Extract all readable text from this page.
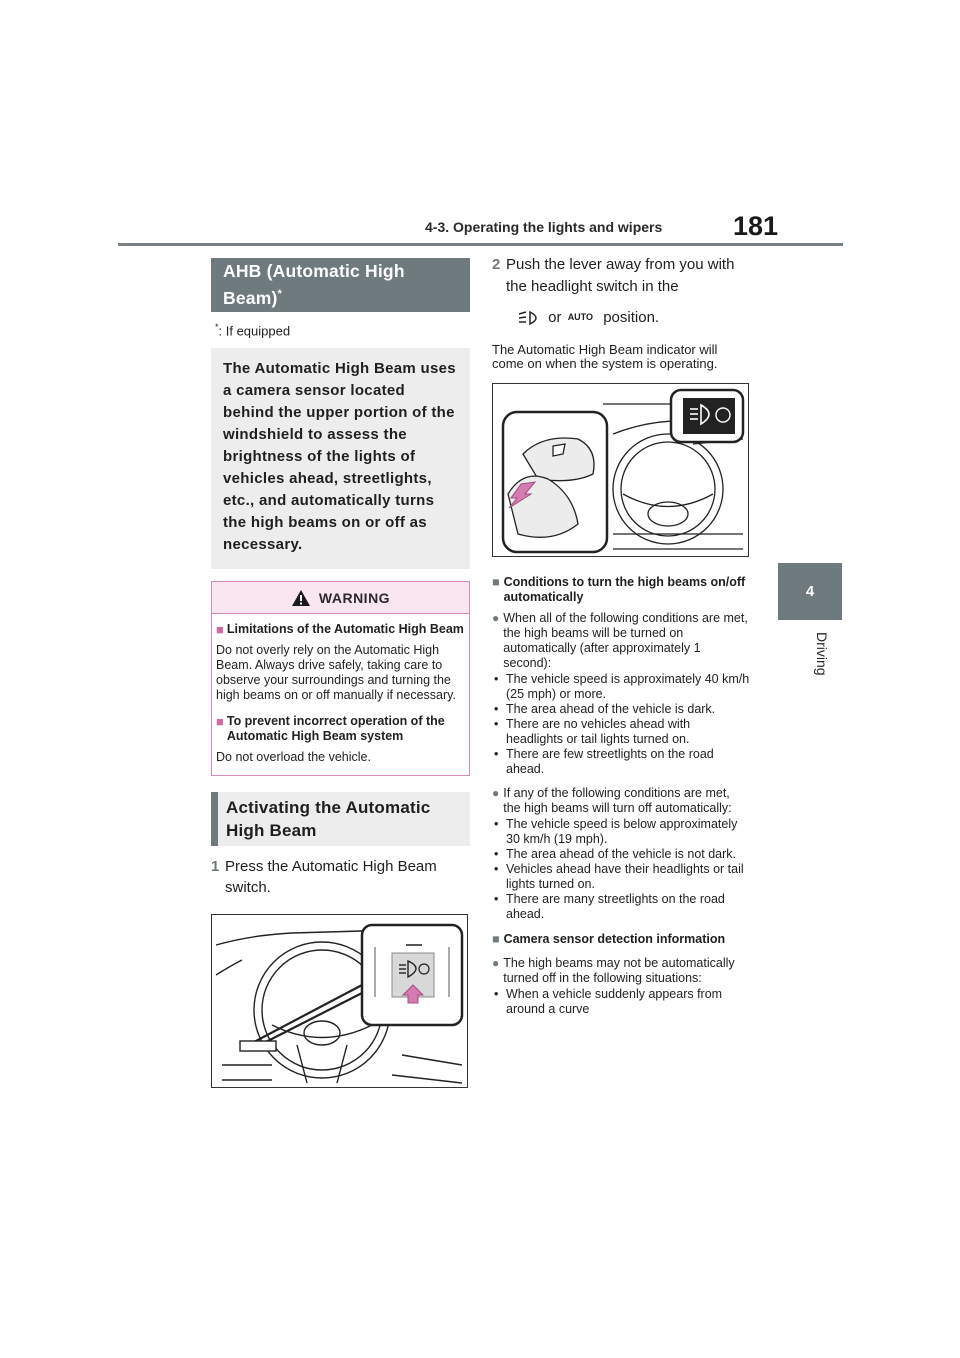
4-3. Operating the lights and wipers	181
4
Driving
AHB (Automatic High Beam)*
*: If equipped
The Automatic High Beam uses a camera sensor located behind the upper portion of the windshield to assess the brightness of the lights of vehicles ahead, streetlights, etc., and automatically turns the high beams on or off as necessary.
WARNING
■ Limitations of the Automatic High Beam
Do not overly rely on the Automatic High Beam. Always drive safely, taking care to observe your surroundings and turning the high beams on or off manually if necessary.
■ To prevent incorrect operation of the Automatic High Beam system
Do not overload the vehicle.
Activating the Automatic High Beam
1 Press the Automatic High Beam switch.
2 Push the lever away from you with the headlight switch in the
or AUTO position.
The Automatic High Beam indicator will come on when the system is operating.
■ Conditions to turn the high beams on/off automatically
● When all of the following conditions are met, the high beams will be turned on automatically (after approximately 1 second):
• The vehicle speed is approximately 40 km/h (25 mph) or more.
• The area ahead of the vehicle is dark.
• There are no vehicles ahead with headlights or tail lights turned on.
• There are few streetlights on the road ahead.
● If any of the following conditions are met, the high beams will turn off automatically:
• The vehicle speed is below approximately 30 km/h (19 mph).
• The area ahead of the vehicle is not dark.
• Vehicles ahead have their headlights or tail lights turned on.
• There are many streetlights on the road ahead.
■ Camera sensor detection information
● The high beams may not be automatically turned off in the following situations:
• When a vehicle suddenly appears from around a curve
